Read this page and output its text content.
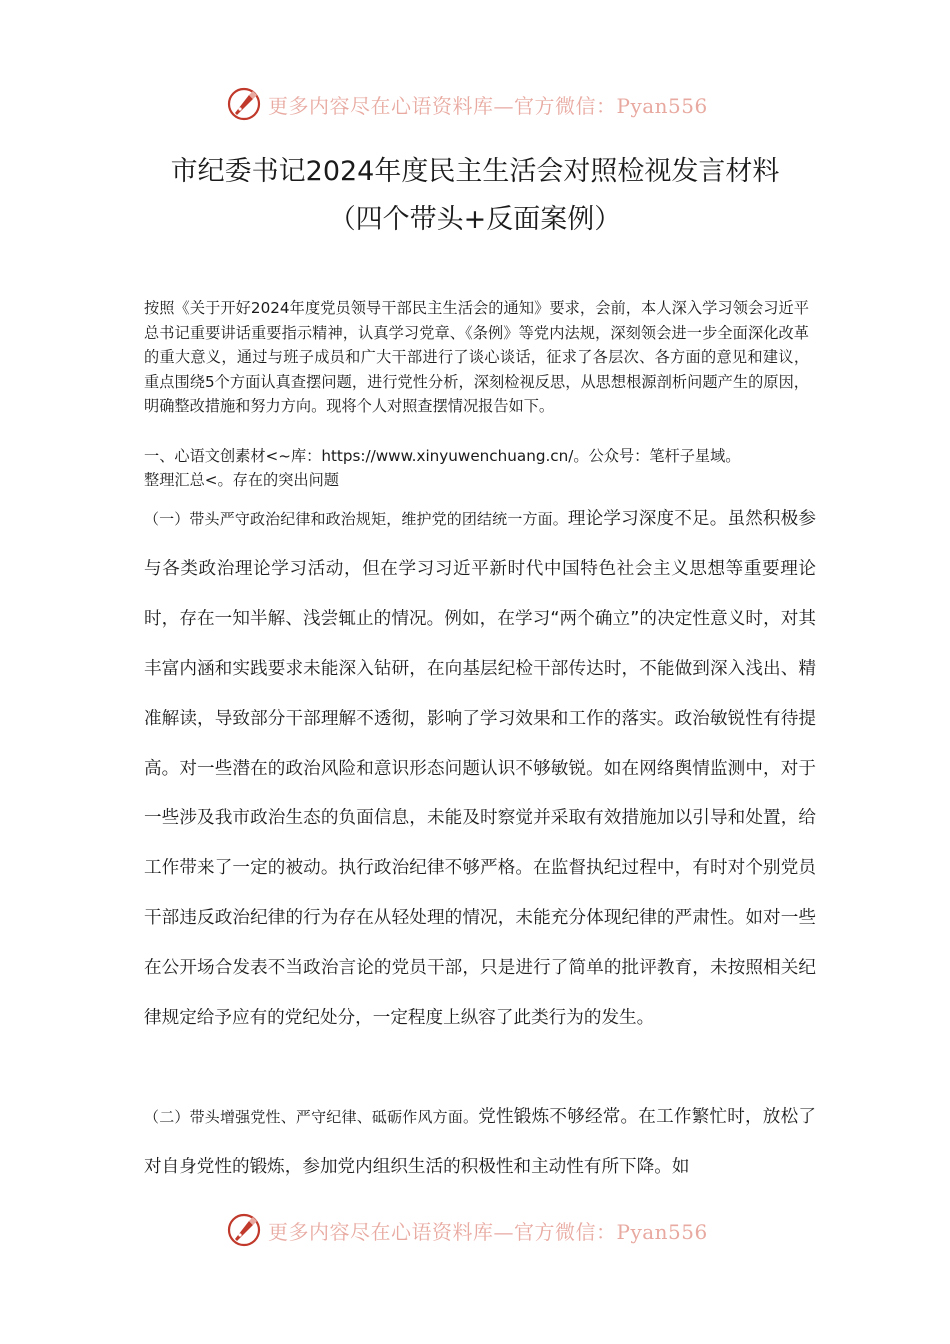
更多内容尽在心语资料库—官方微信：Pyan556
市纪委书记2024年度民主生活会对照检视发言材料
（四个带头+反面案例）

按照《关于开好2024年度党员领导干部民主生活会的通知》要求，会前，本人深入学习领会习近平总书记重要讲话重要指示精神，认真学习党章、《条例》等党内法规，深刻领会进一步全面深化改革的重大意义，通过与班子成员和广大干部进行了谈心谈话，征求了各层次、各方面的意见和建议，重点围绕5个方面认真查摆问题，进行党性分析，深刻检视反思，从思想根源剖析问题产生的原因，明确整改措施和努力方向。现将个人对照查摆情况报告如下。

一、心语文创素材<~库：https://www.xinyuwenchuang.cn/。公众号：笔杆子星域。

整理汇总<。存在的突出问题

（一）带头严守政治纪律和政治规矩，维护党的团结统一方面。理论学习深度不足。虽然积极参与各类政治理论学习活动，但在学习习近平新时代中国特色社会主义思想等重要理论时，存在一知半解、浅尝辄止的情况。例如，在学习“两个确立”的决定性意义时，对其丰富内涵和实践要求未能深入钻研，在向基层纪检干部传达时，不能做到深入浅出、精准解读，导致部分干部理解不透彻，影响了学习效果和工作的落实。政治敏锐性有待提高。对一些潜在的政治风险和意识形态问题认识不够敏锐。如在网络舆情监测中，对于一些涉及我市政治生态的负面信息，未能及时察觉并采取有效措施加以引导和处置，给工作带来了一定的被动。执行政治纪律不够严格。在监督执纪过程中，有时对个别党员干部违反政治纪律的行为存在从轻处理的情况，未能充分体现纪律的严肃性。如对一些在公开场合发表不当政治言论的党员干部，只是进行了简单的批评教育，未按照相关纪律规定给予应有的党纪处分，一定程度上纵容了此类行为的发生。

（二）带头增强党性、严守纪律、砥砺作风方面。党性锻炼不够经常。在工作繁忙时，放松了对自身党性的锻炼，参加党内组织生活的积极性和主动性有所下降。如

更多内容尽在心语资料库—官方微信：Pyan556
